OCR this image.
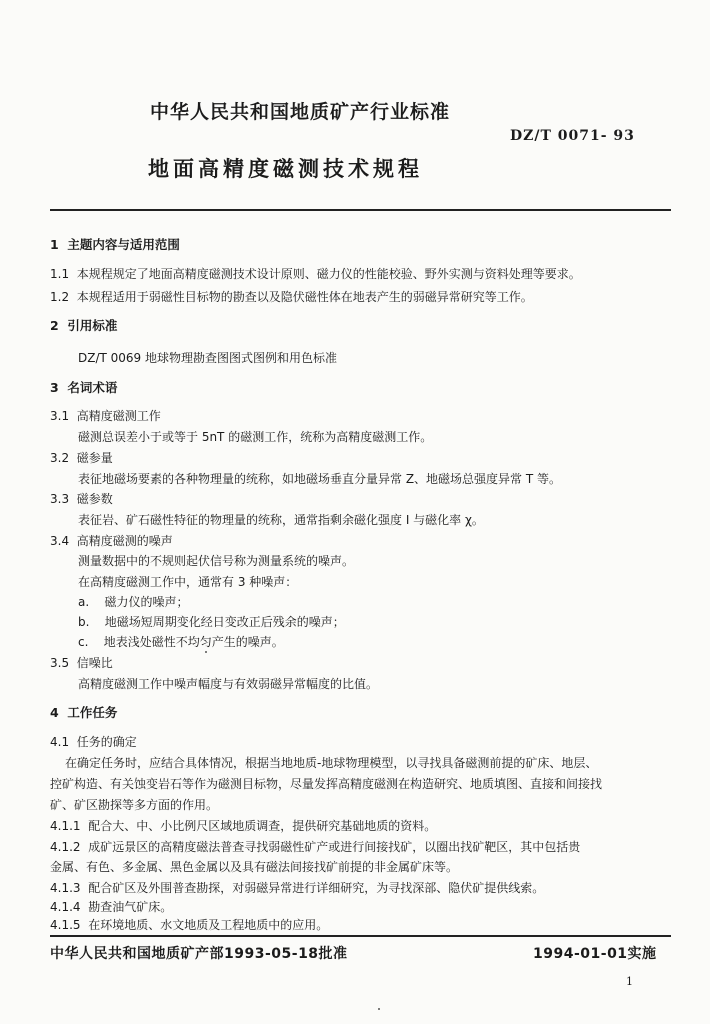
中华人民共和国地质矿产行业标准
DZ/T 0071- 93
地面高精度磁测技术规程
1 主题内容与适用范围
1.1 本规程规定了地面高精度磁测技术设计原则、磁力仪的性能校验、野外实测与资料处理等要求。
1.2 本规程适用于弱磁性目标物的勘查以及隐伏磁性体在地表产生的弱磁异常研究等工作。
2 引用标准
DZ/T 0069 地球物理勘查图图式图例和用色标准
3 名词术语
3.1 高精度磁测工作
磁测总误差小于或等于 5nT 的磁测工作，统称为高精度磁测工作。
3.2 磁参量
表征地磁场要素的各种物理量的统称，如地磁场垂直分量异常 Z、地磁场总强度异常 T 等。
3.3 磁参数
表征岩、矿石磁性特征的物理量的统称，通常指剩余磁化强度 I 与磁化率 χ。
3.4 高精度磁测的噪声
测量数据中的不规则起伏信号称为测量系统的噪声。
在高精度磁测工作中，通常有 3 种噪声：
a. 磁力仪的噪声；
b. 地磁场短周期变化经日变改正后残余的噪声；
c. 地表浅处磁性不均匀产生的噪声。
3.5 信噪比
高精度磁测工作中噪声幅度与有效弱磁异常幅度的比值。
4 工作任务
4.1 任务的确定
在确定任务时，应结合具体情况，根据当地地质-地球物理模型，以寻找具备磁测前提的矿床、地层、
控矿构造、有关蚀变岩石等作为磁测目标物，尽量发挥高精度磁测在构造研究、地质填图、直接和间接找
矿、矿区勘探等多方面的作用。
4.1.1 配合大、中、小比例尺区域地质调查，提供研究基础地质的资料。
4.1.2 成矿远景区的高精度磁法普查寻找弱磁性矿产或进行间接找矿，以圈出找矿靶区，其中包括贵
金属、有色、多金属、黑色金属以及具有磁法间接找矿前提的非金属矿床等。
4.1.3 配合矿区及外围普查勘探，对弱磁异常进行详细研究，为寻找深部、隐伏矿提供线索。
4.1.4 勘查油气矿床。
4.1.5 在环境地质、水文地质及工程地质中的应用。
中华人民共和国地质矿产部1993-05-18批准	1994-01-01实施
1
